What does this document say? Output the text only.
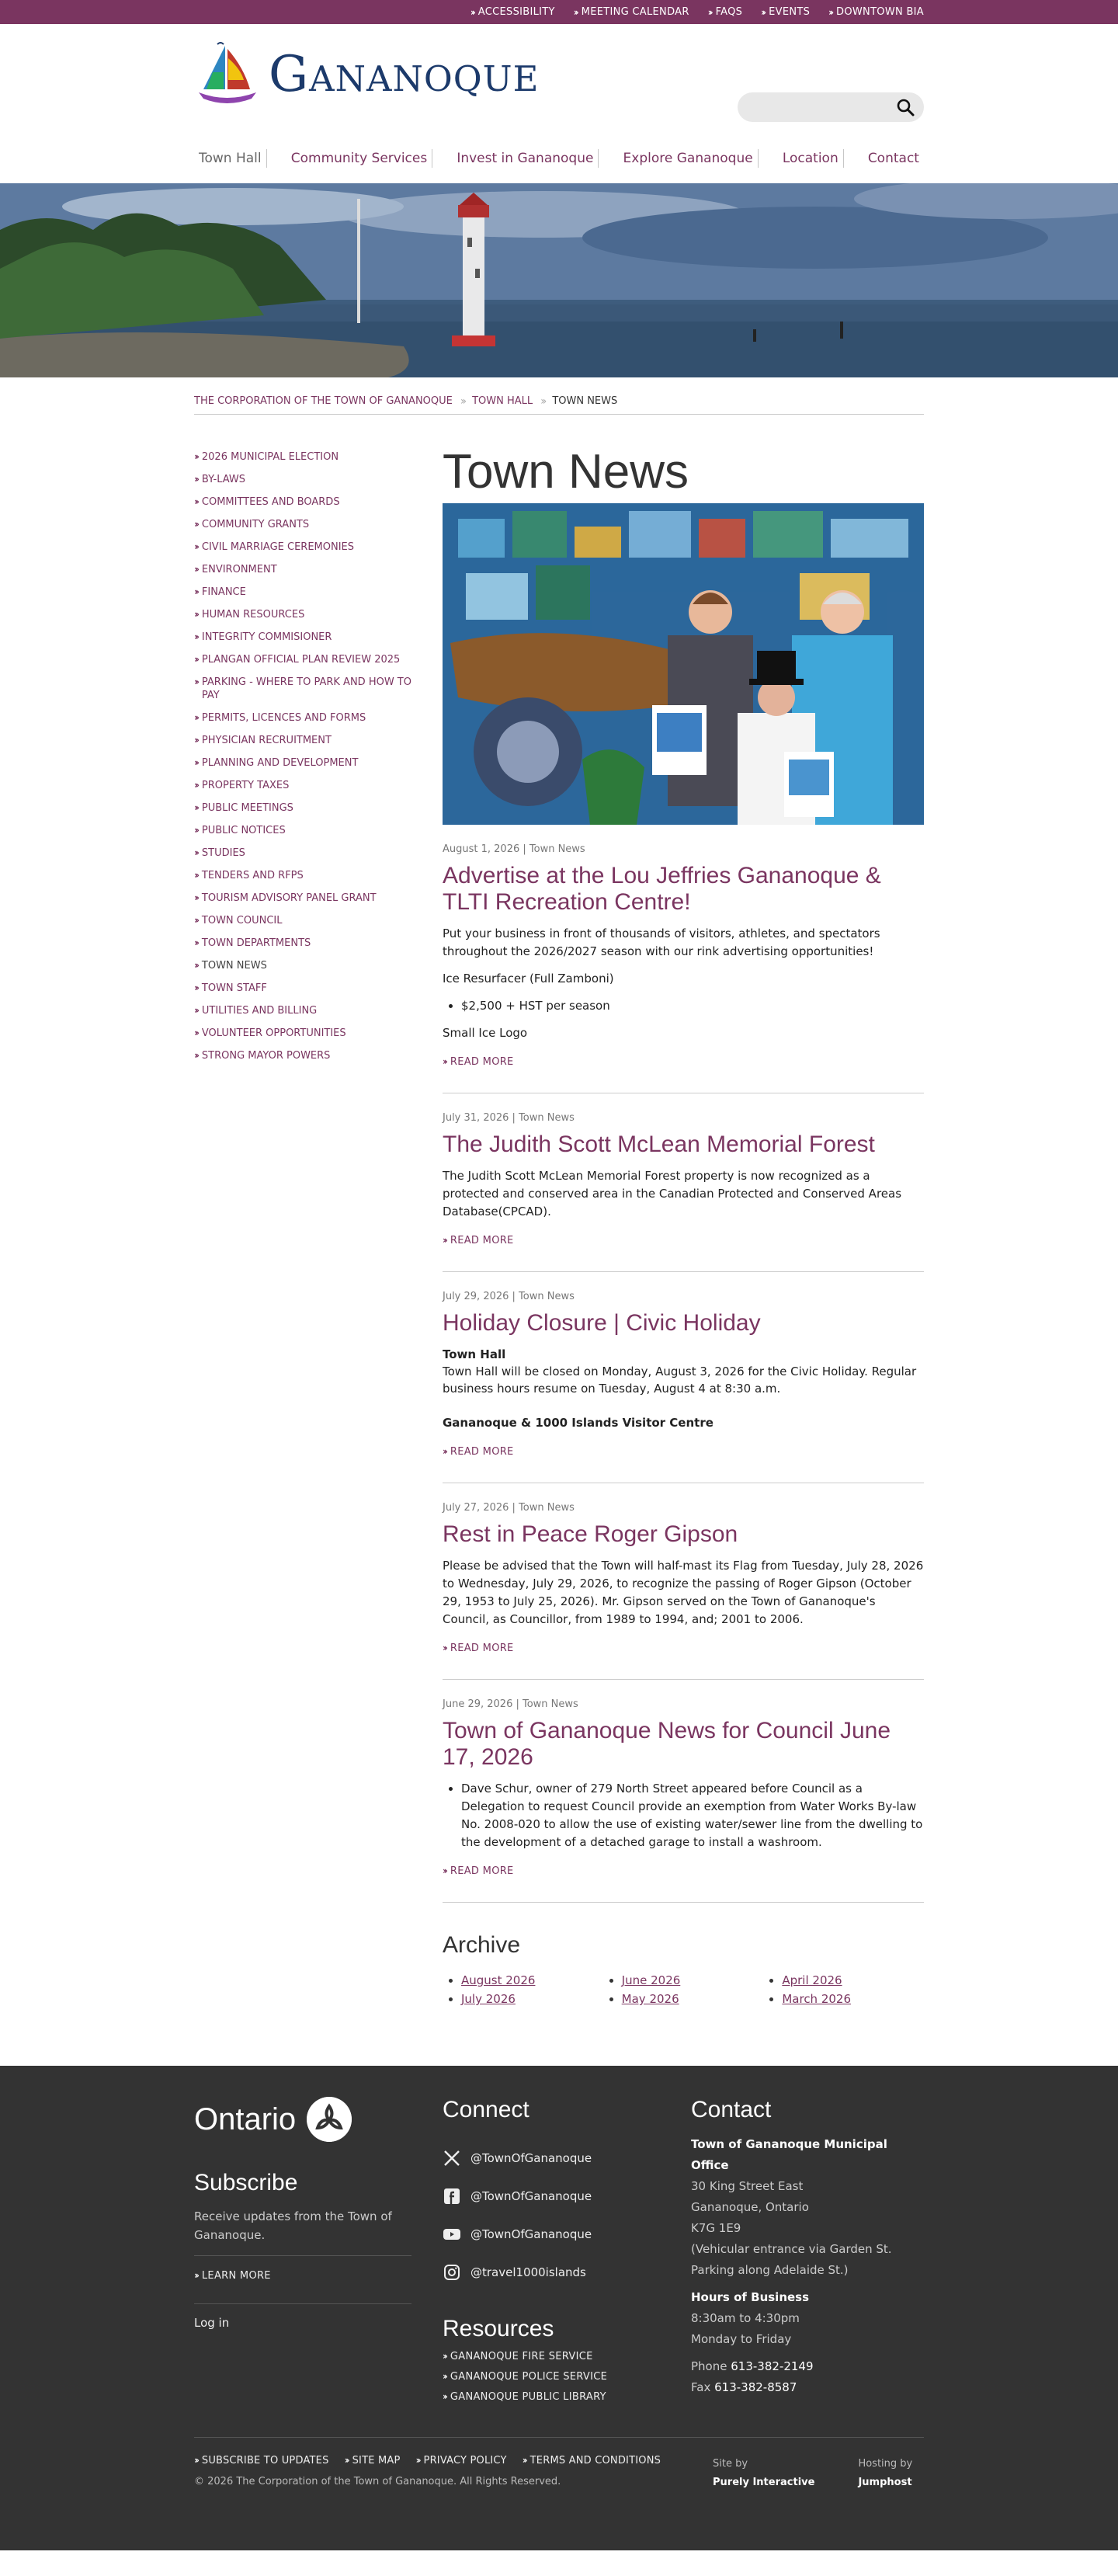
›› ACCESSIBILITY ›› MEETING CALENDAR ›› FAQS ›› EVENTS ›› DOWNTOWN BIA
Gananoque
Town Hall	Community Services	Invest in Gananoque	Explore Gananoque	Location	Contact
THE CORPORATION OF THE TOWN OF GANANOQUE ›› TOWN HALL ›› TOWN NEWS
›› 2026 MUNICIPAL ELECTION
›› BY-LAWS
›› COMMITTEES AND BOARDS
›› COMMUNITY GRANTS
›› CIVIL MARRIAGE CEREMONIES
›› ENVIRONMENT
›› FINANCE
›› HUMAN RESOURCES
›› INTEGRITY COMMISIONER
›› PLANGAN OFFICIAL PLAN REVIEW 2025
›› PARKING - WHERE TO PARK AND HOW TO PAY
›› PERMITS, LICENCES AND FORMS
›› PHYSICIAN RECRUITMENT
›› PLANNING AND DEVELOPMENT
›› PROPERTY TAXES
›› PUBLIC MEETINGS
›› PUBLIC NOTICES
›› STUDIES
›› TENDERS AND RFPS
›› TOURISM ADVISORY PANEL GRANT
›› TOWN COUNCIL
›› TOWN DEPARTMENTS
›› TOWN NEWS
›› TOWN STAFF
›› UTILITIES AND BILLING
›› VOLUNTEER OPPORTUNITIES
›› STRONG MAYOR POWERS
Town News
August 1, 2026 | Town News
Advertise at the Lou Jeffries Gananoque & TLTI Recreation Centre!

Put your business in front of thousands of visitors, athletes, and spectators throughout the 2026/2027 season with our rink advertising opportunities!

Ice Resurfacer (Full Zamboni)

• $2,500 + HST per season

Small Ice Logo

›› READ MORE
July 31, 2026 | Town News
The Judith Scott McLean Memorial Forest

The Judith Scott McLean Memorial Forest property is now recognized as a protected and conserved area in the Canadian Protected and Conserved Areas Database(CPCAD).

›› READ MORE
July 29, 2026 | Town News
Holiday Closure | Civic Holiday

Town Hall
Town Hall will be closed on Monday, August 3, 2026 for the Civic Holiday. Regular business hours resume on Tuesday, August 4 at 8:30 a.m.

Gananoque & 1000 Islands Visitor Centre

›› READ MORE
July 27, 2026 | Town News
Rest in Peace Roger Gipson

Please be advised that the Town will half-mast its Flag from Tuesday, July 28, 2026 to Wednesday, July 29, 2026, to recognize the passing of Roger Gipson (October 29, 1953 to July 25, 2026). Mr. Gipson served on the Town of Gananoque's Council, as Councillor, from 1989 to 1994, and; 2001 to 2006.

›› READ MORE
June 29, 2026 | Town News
Town of Gananoque News for Council June 17, 2026
• Dave Schur, owner of 279 North Street appeared before Council as a Delegation to request Council provide an exemption from Water Works By-law No. 2008-020 to allow the use of existing water/sewer line from the dwelling to the development of a detached garage to install a washroom.
›› READ MORE
Archive
• August 2026
• July 2026
• June 2026
• May 2026
• April 2026
• March 2026
Ontario
Subscribe

Receive updates from the Town of Gananoque.

›› LEARN MORE
Log in
Connect
@TownOfGananoque
@TownOfGananoque
@TownOfGananoque
@travel1000islands
Resources
›› GANANOQUE FIRE SERVICE
›› GANANOQUE POLICE SERVICE
›› GANANOQUE PUBLIC LIBRARY
Contact
Town of Gananoque Municipal Office
30 King Street East
Gananoque, Ontario
K7G 1E9
(Vehicular entrance via Garden St.
Parking along Adelaide St.)
Hours of Business
8:30am to 4:30pm
Monday to Friday
Phone 613-382-2149
Fax 613-382-8587
›› SUBSCRIBE TO UPDATES
›› SITE MAP
›› PRIVACY POLICY
›› TERMS AND CONDITIONS
© 2026 The Corporation of the Town of Gananoque. All Rights Reserved.
Site by
Purely Interactive
Hosting by
Jumphost
